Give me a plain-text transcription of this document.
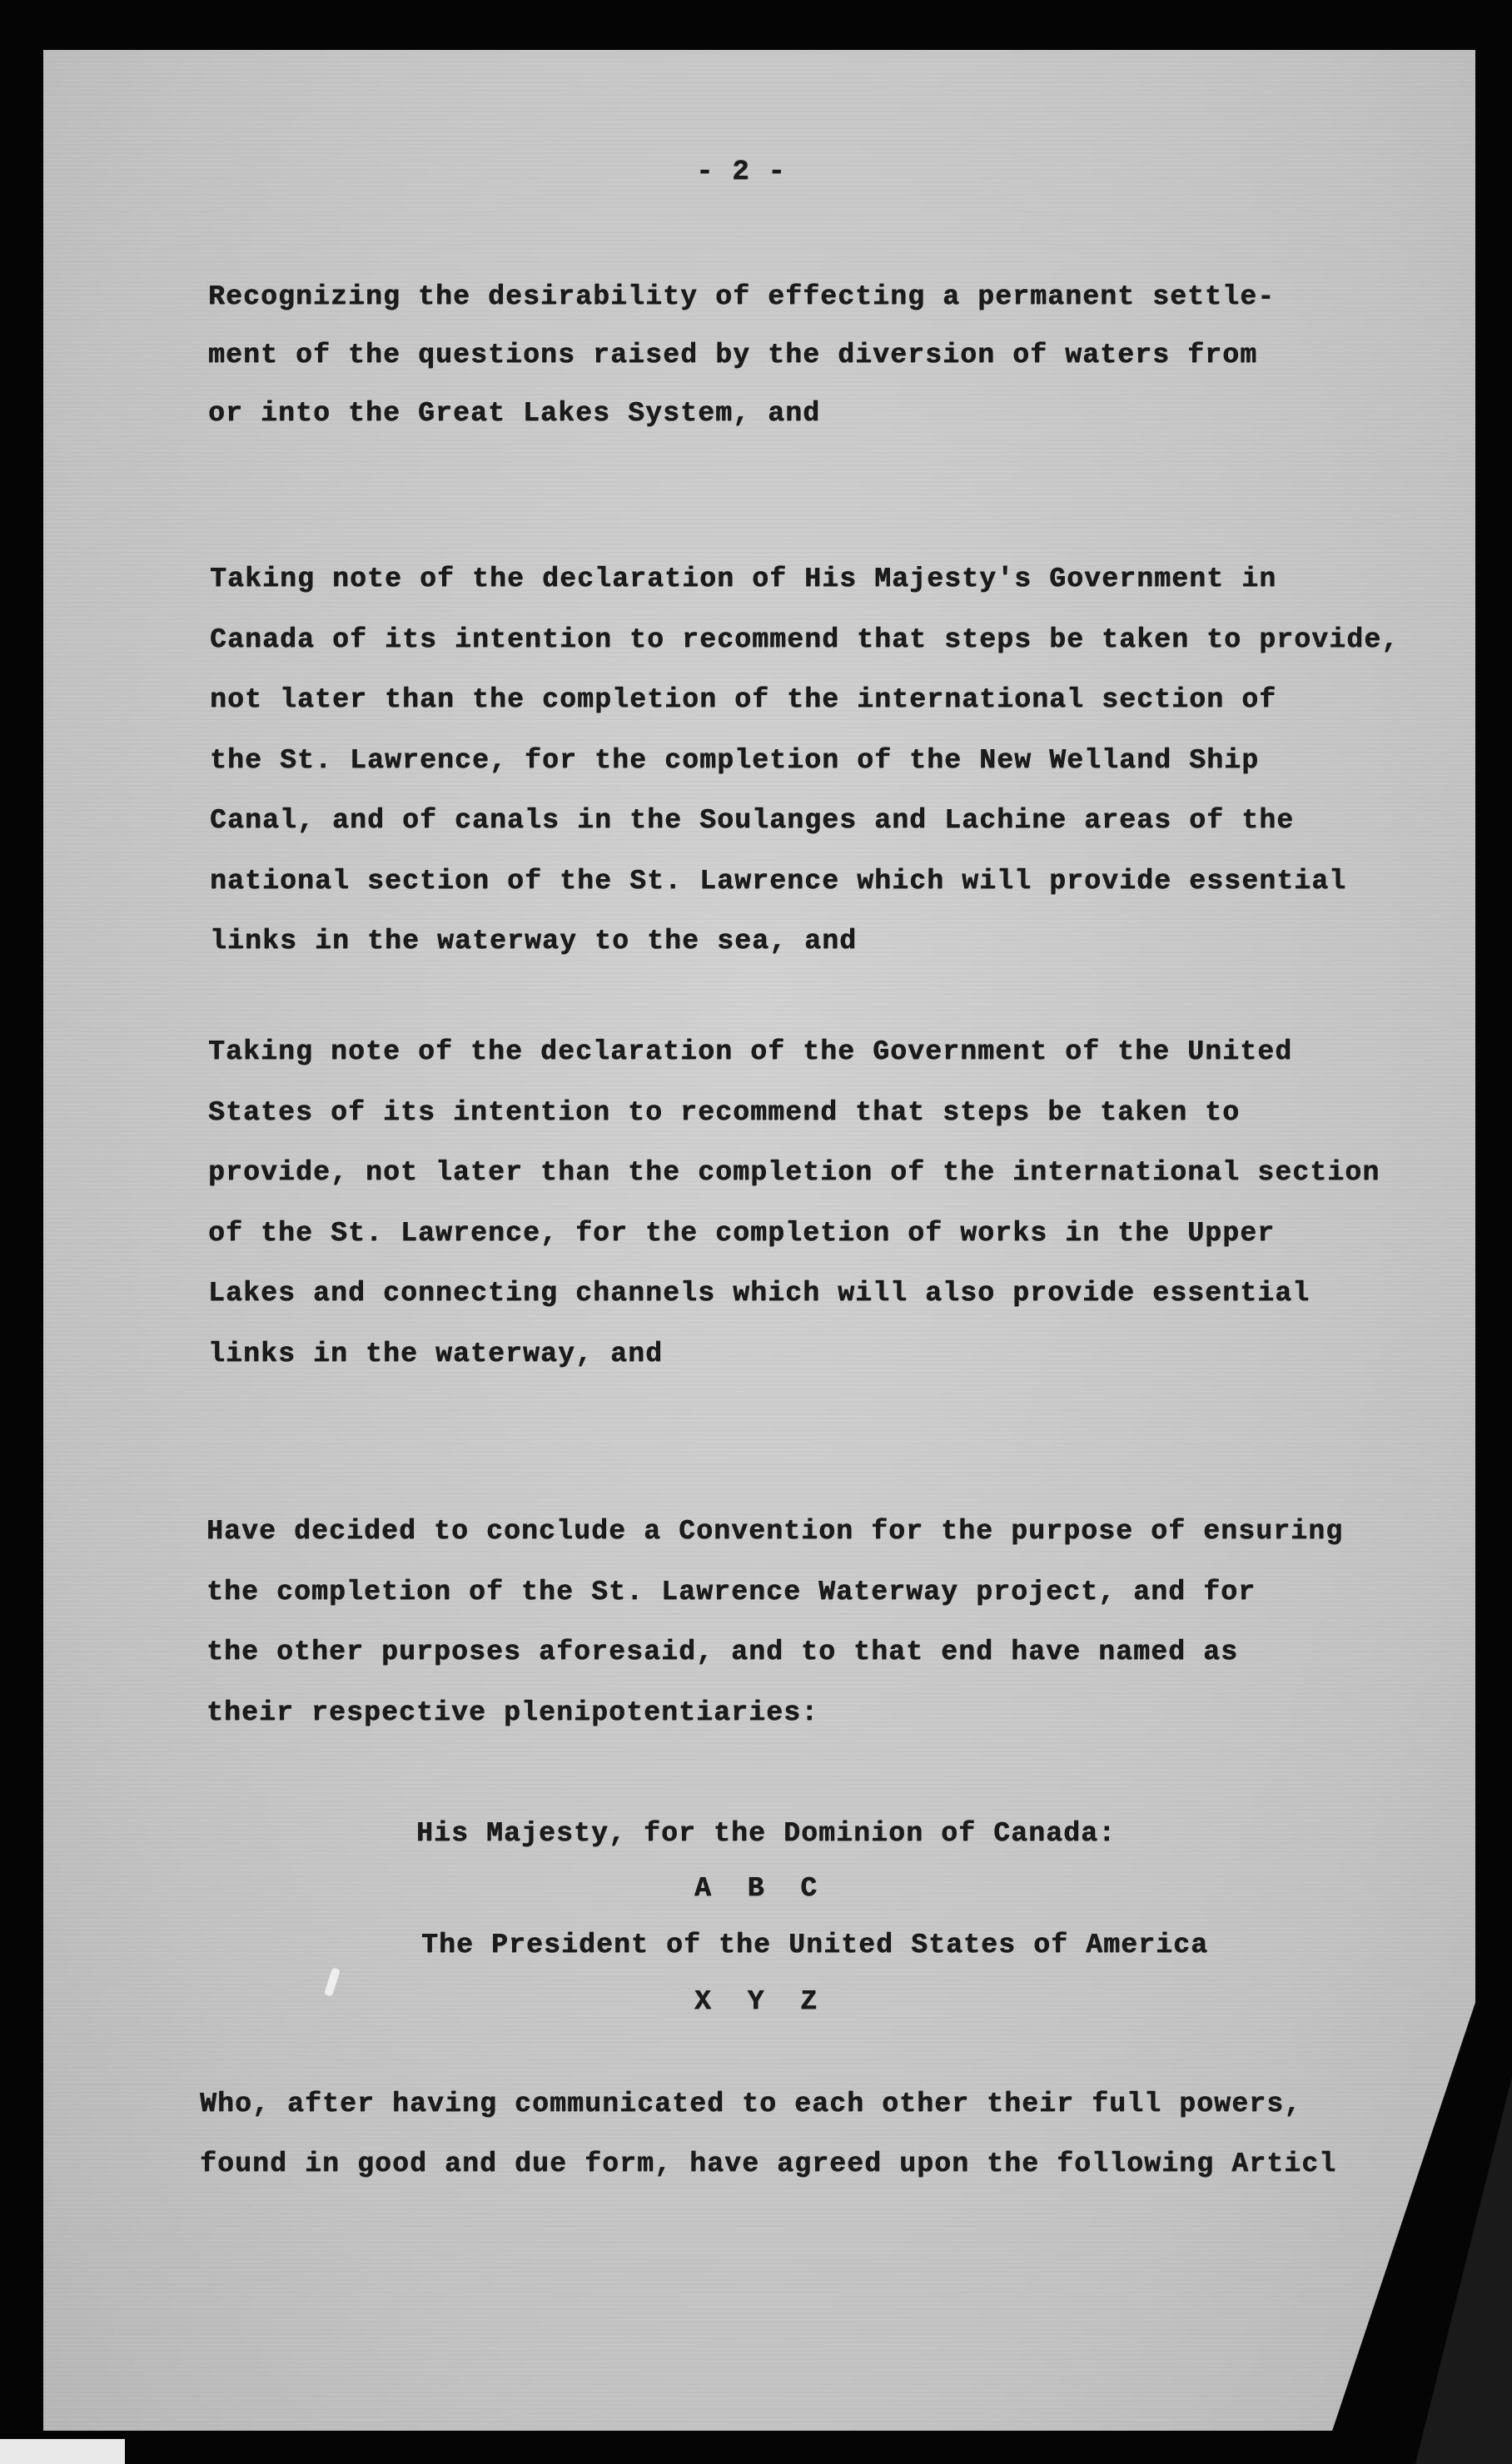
- 2 -
Recognizing the desirability of effecting a permanent settle-
ment of the questions raised by the diversion of waters from
or into the Great Lakes System, and
Taking note of the declaration of His Majesty's Government in
Canada of its intention to recommend that steps be taken to provide,
not later than the completion of the international section of
the St. Lawrence, for the completion of the New Welland Ship
Canal, and of canals in the Soulanges and Lachine areas of the
national section of the St. Lawrence which will provide essential
links in the waterway to the sea, and
Taking note of the declaration of the Government of the United
States of its intention to recommend that steps be taken to
provide, not later than the completion of the international section
of the St. Lawrence, for the completion of works in the Upper
Lakes and connecting channels which will also provide essential
links in the waterway, and
Have decided to conclude a Convention for the purpose of ensuring
the completion of the St. Lawrence Waterway project, and for
the other purposes aforesaid, and to that end have named as
their respective plenipotentiaries:
His Majesty, for the Dominion of Canada:
A B C
The President of the United States of America
X Y Z
Who, after having communicated to each other their full powers,
found in good and due form, have agreed upon the following Articl
